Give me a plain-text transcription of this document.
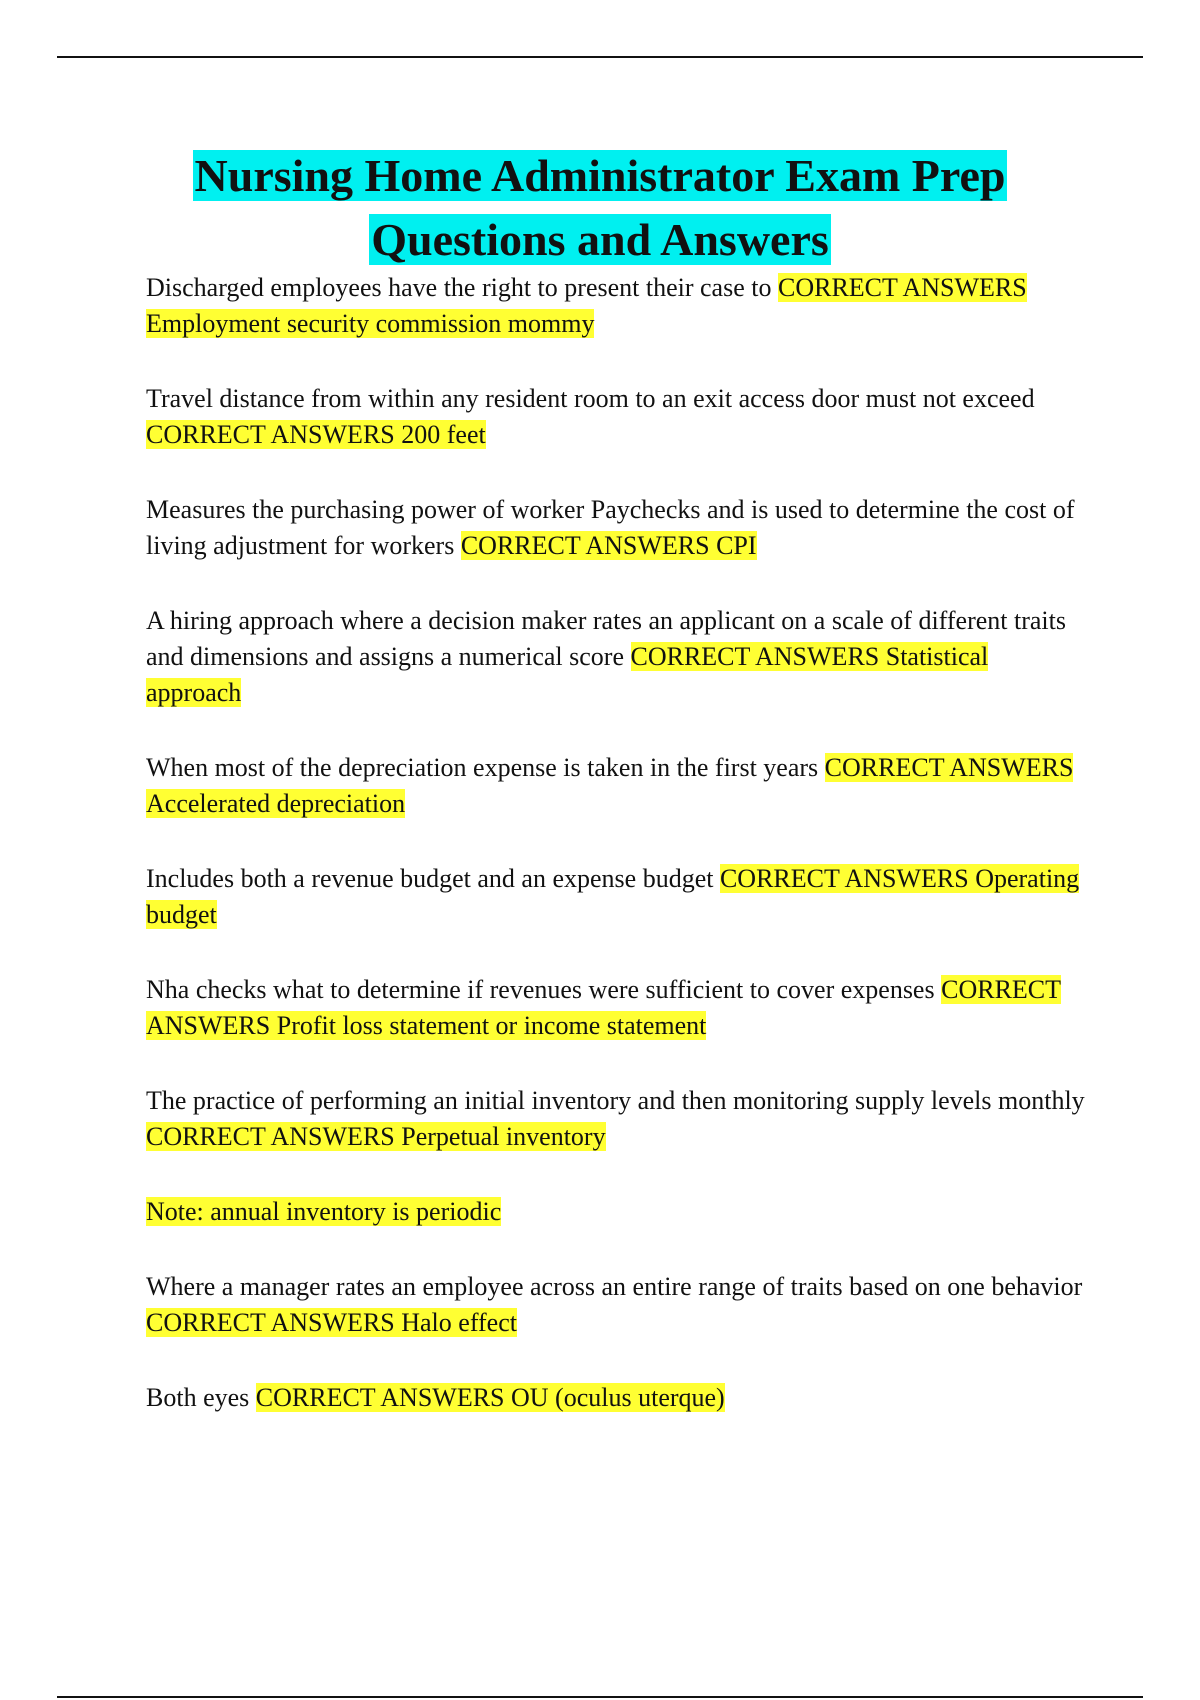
Nursing Home Administrator Exam Prep Questions and Answers

Discharged employees have the right to present their case to CORRECT ANSWERS Employment security commission mommy

Travel distance from within any resident room to an exit access door must not exceed CORRECT ANSWERS 200 feet

Measures the purchasing power of worker Paychecks and is used to determine the cost of living adjustment for workers CORRECT ANSWERS CPI

A hiring approach where a decision maker rates an applicant on a scale of different traits and dimensions and assigns a numerical score CORRECT ANSWERS Statistical approach

When most of the depreciation expense is taken in the first years CORRECT ANSWERS Accelerated depreciation

Includes both a revenue budget and an expense budget CORRECT ANSWERS Operating budget

Nha checks what to determine if revenues were sufficient to cover expenses CORRECT ANSWERS Profit loss statement or income statement

The practice of performing an initial inventory and then monitoring supply levels monthly CORRECT ANSWERS Perpetual inventory

Note: annual inventory is periodic

Where a manager rates an employee across an entire range of traits based on one behavior CORRECT ANSWERS Halo effect

Both eyes CORRECT ANSWERS OU (oculus uterque)
